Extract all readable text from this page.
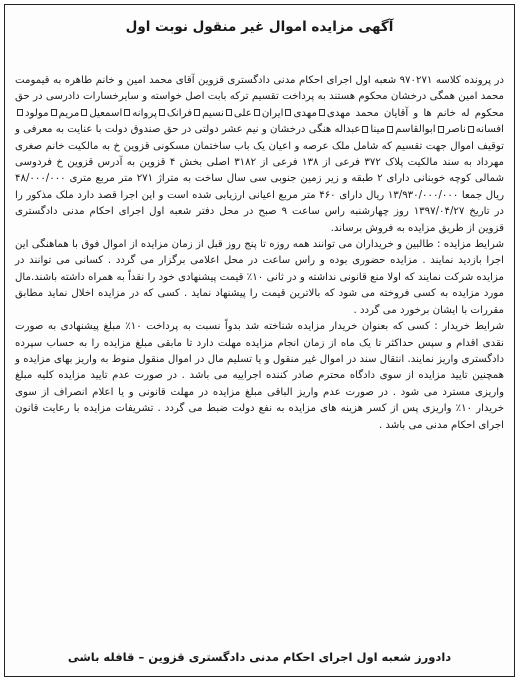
آگهی مزایده اموال غیر منقول نوبت اول

در پرونده کلاسه ۹۷۰۲۷۱ شعبه اول اجرای احکام مدنی دادگستری قزوین آقای محمد امین و خانم طاهره به قیمومت محمد امین همگی درخشان محکوم هستند به پرداخت تقسیم ترکه بابت اصل خواسته و سایرخسارات دادرسی در حق محکوم له خانم ها و آقایان محمد مهدیمهدیایرانعلینسیمفرانکپروانهاسمعیلمریممولودافسانهناصرابوالقاسممیناعبداله هنگی درخشان و نیم عشر دولتی در حق صندوق دولت با عنایت به معرفی و توقیف اموال جهت تقسیم که شامل ملک عرصه و اعیان یک باب ساختمان مسکونی قزوین خ به مالکیت خانم صغری مهرداد به سند مالکیت پلاک ۳۷۲ فرعی از ۱۳۸ فرعی از ۳۱۸۲ اصلی بخش ۴ قزوین به آدرس قزوین خ فردوسی شمالی کوچه خوبنانی دارای ۲ طبقه و زیر زمین جنوبی سی سال ساخت به متراژ ۲۷۱ متر مربع متری ۴۸/۰۰۰/۰۰۰ ریال جمعا ۱۳/۹۳۰/۰۰۰/۰۰۰ ریال دارای ۴۶۰ متر مربع اعیانی ارزیابی شده است و این اجرا قصد دارد ملک مذکور را در تاریخ ۱۳۹۷/۰۴/۲۷ روز چهارشنبه راس ساعت ۹ صبح در محل دفتر شعبه اول اجرای احکام مدنی دادگستری قزوین از طریق مزایده به فروش برساند.

شرایط مزایده : طالبین و خریداران می توانند همه روزه تا پنج روز قبل از زمان مزایده از اموال فوق با هماهنگی این اجرا بازدید نمایند . مزایده حضوری بوده و راس ساعت در محل اعلامی برگزار می گردد . کسانی می توانند در مزایده شرکت نمایند که اولا منع قانونی نداشته و در ثانی ۱۰٪ قیمت پیشنهادی خود را نقداً به همراه داشته باشند.مال مورد مزایده به کسی فروخته می شود که بالاترین قیمت را پیشنهاد نماید . کسی که در مزایده اخلال نماید مطابق مقررات با ایشان برخورد می گردد .

شرایط خریدار : کسی که بعنوان خریدار مزایده شناخته شد بدواً نسبت به پرداخت ۱۰٪ مبلغ پیشنهادی به صورت نقدی اقدام و سپس حداکثر تا یک ماه از زمان انجام مزایده مهلت دارد تا مابقی مبلغ مزایده را به حساب سپرده دادگستری واریز نمایند. انتقال سند در اموال غیر منقول و یا تسلیم مال در اموال منقول منوط به واریز بهای مزایده و همچنین تایید مزایده از سوی دادگاه محترم صادر کننده اجراییه می باشد . در صورت عدم تایید مزایده کلیه مبلغ واریزی مسترد می شود . در صورت عدم واریز الباقی مبلغ مزایده در مهلت قانونی و یا اعلام انصراف از سوی خریدار ۱۰٪ واریزی پس از کسر هزینه های مزایده به نفع دولت ضبط می گردد . تشریفات مزایده با رعایت قانون اجرای احکام مدنی می باشد .

دادورز شعبه اول اجرای احکام مدنی دادگستری قزوین – قافله باشی
